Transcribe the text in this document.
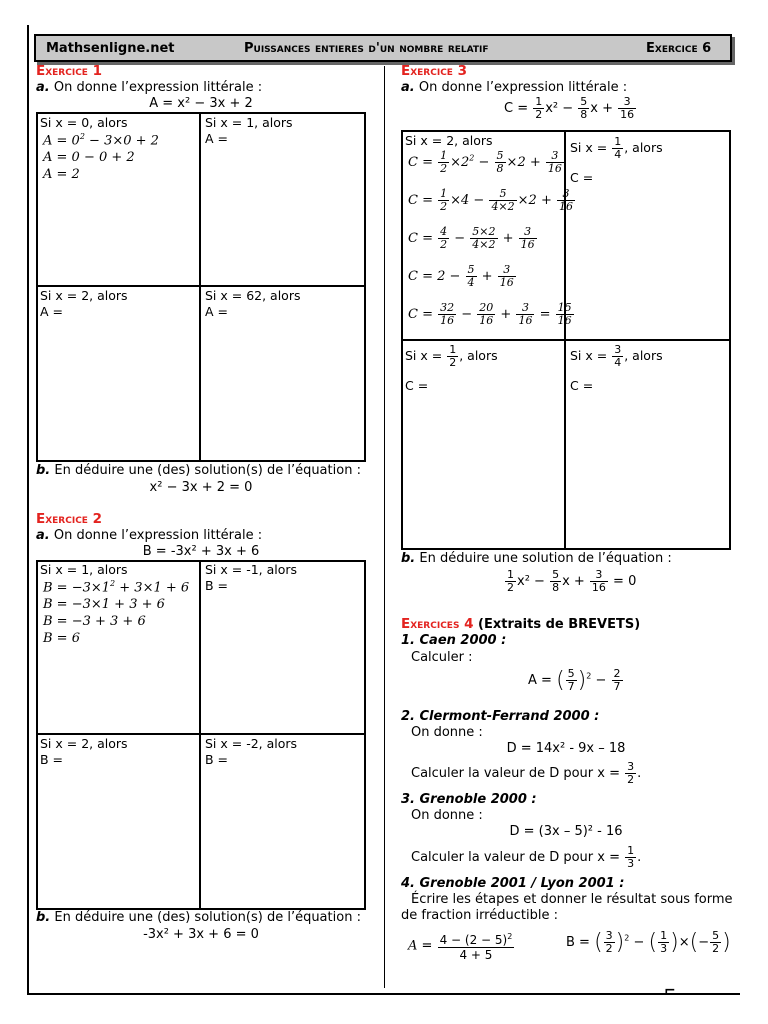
⌐
Mathsenligne.net	Puissances entieres d'un nombre relatif	Exercice 6
Exercice 1
a. On donne l’expression littérale :
A = x² − 3x + 2
Si x = 0, alors
$A = 0^2 - 3\times 0 + 2$
A = 0 − 0 + 2
A = 2
Si x = 1, alors
A =
Si x = 2, alors
A =
Si x = 62, alors
A =
b. En déduire une (des) solution(s) de l’équation :
x² − 3x + 2 = 0
Exercice 2
a. On donne l’expression littérale :
B = -3x² + 3x + 6
Si x = 1, alors
$B = -3\times 1^2 + 3\times 1 + 6$
B = −3×1 + 3 + 6
B = −3 + 3 + 6
B = 6
Si x = -1, alors
B =
Si x = 2, alors
B =
Si x = -2, alors
B =
b. En déduire une (des) solution(s) de l’équation :
-3x² + 3x + 6 = 0
Exercice 3
a. On donne l’expression littérale :
$C = \frac{1}{2} x^2 - \frac{5}{8}$ $x + \frac{3}{16}$
Si x = 2, alors
$C = \frac{1}{2} \times 2^2 - \frac{5}{8} \times 2 + \frac{3}{16}$
$C = \frac{1}{2} \times 4 - \frac{5}{4\times 2} \times 2 + \frac{3}{16}$
$C = \frac{4}{2} - \frac{5\times 2}{4\times 2} + \frac{3}{16}$
$C = 2 - \frac{5}{4} + \frac{3}{16}$
$C = \frac{32}{16} - \frac{20}{16} + \frac{3}{16} = \frac{15}{16}$
Si $x = \frac{1}{4}$ , alors
C =
Si $x = \frac{1}{2}$ , alors
C =
Si $x = \frac{3}{4}$ , alors
C =
b. En déduire une solution de l’équation :
$\frac{1}{2} x^2 - \frac{5}{8}$ $x + \frac{3}{16} = 0$
Exercices 4 (Extraits de BREVETS)
1. Caen 2000 :
Calculer :
A = ( $\frac{5}{7} )^2 - \frac{2}{7}$
2. Clermont-Ferrand 2000 :
On donne :
D = 14x² - 9x – 18
Calculer la valeur de D pour $x = \frac{3}{2}$ .
3. Grenoble 2000 :
On donne :
D = (3x – 5)² - 16
Calculer la valeur de D pour $x = \frac{1}{3}$ .
4. Grenoble 2001 / Lyon 2001 :
Écrire les étapes et donner le résultat sous forme
de fraction irréductible :
$A = \frac{4 - (2 - 5)^2}{4 + 5}$	B = ( $\frac{3}{2} )^2$ − ( $\frac{1}{3}$ )×(− $\frac{5}{2}$ )
